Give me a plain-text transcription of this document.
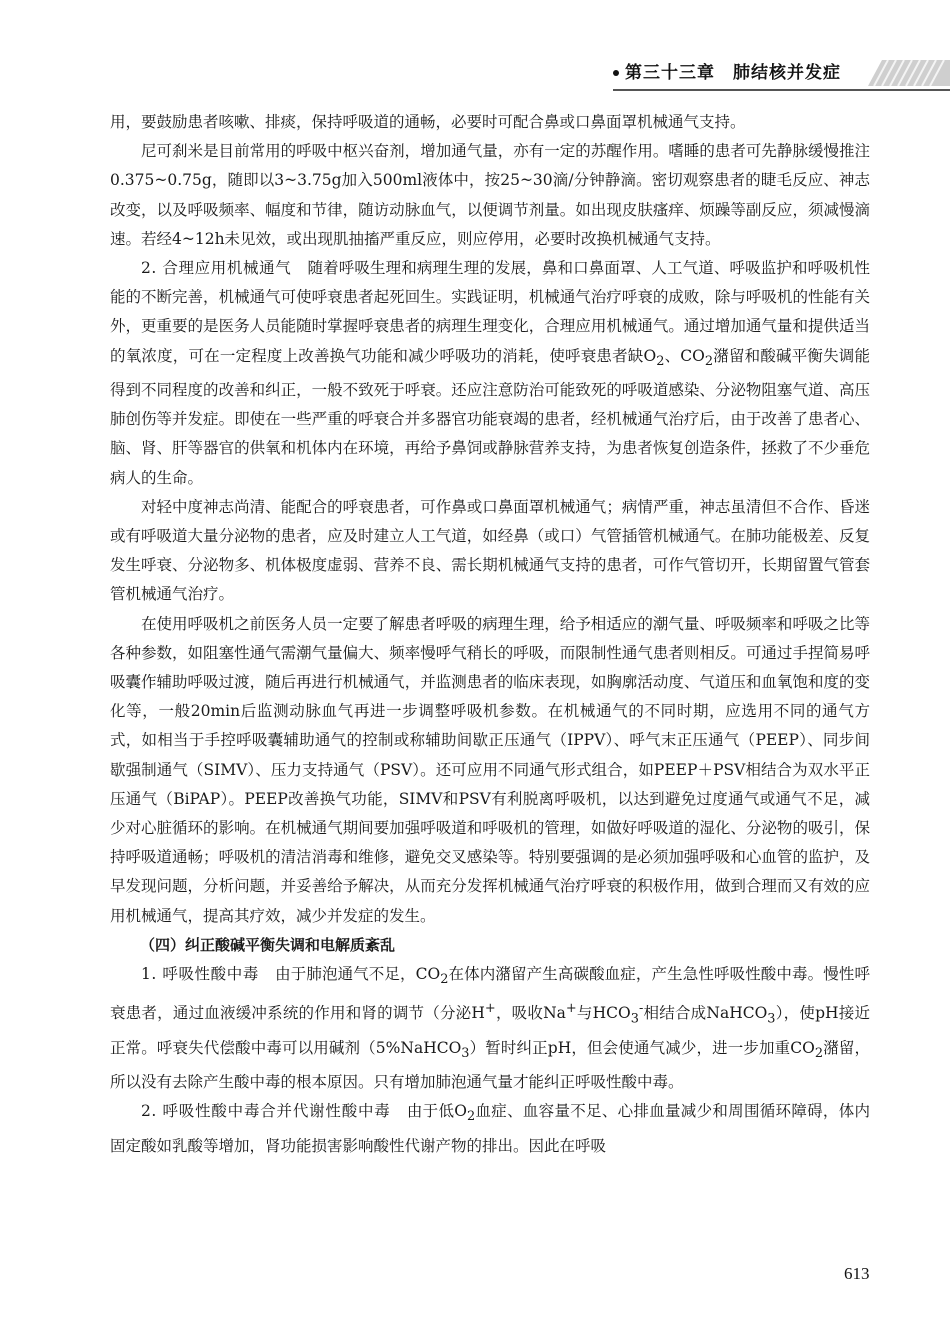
第三十三章　肺结核并发症

用，要鼓励患者咳嗽、排痰，保持呼吸道的通畅，必要时可配合鼻或口鼻面罩机械通气支持。

尼可刹米是目前常用的呼吸中枢兴奋剂，增加通气量，亦有一定的苏醒作用。嗜睡的患者可先静脉缓慢推注0.375~0.75g，随即以3~3.75g加入500ml液体中，按25~30滴/分钟静滴。密切观察患者的睫毛反应、神志改变，以及呼吸频率、幅度和节律，随访动脉血气，以便调节剂量。如出现皮肤瘙痒、烦躁等副反应，须减慢滴速。若经4~12h未见效，或出现肌抽搐严重反应，则应停用，必要时改换机械通气支持。

2. 合理应用机械通气　随着呼吸生理和病理生理的发展，鼻和口鼻面罩、人工气道、呼吸监护和呼吸机性能的不断完善，机械通气可使呼衰患者起死回生。实践证明，机械通气治疗呼衰的成败，除与呼吸机的性能有关外，更重要的是医务人员能随时掌握呼衰患者的病理生理变化，合理应用机械通气。通过增加通气量和提供适当的氧浓度，可在一定程度上改善换气功能和减少呼吸功的消耗，使呼衰患者缺$O_2$、$CO_2$潴留和酸碱平衡失调能得到不同程度的改善和纠正，一般不致死于呼衰。还应注意防治可能致死的呼吸道感染、分泌物阻塞气道、高压肺创伤等并发症。即使在一些严重的呼衰合并多器官功能衰竭的患者，经机械通气治疗后，由于改善了患者心、脑、肾、肝等器官的供氧和机体内在环境，再给予鼻饲或静脉营养支持，为患者恢复创造条件，拯救了不少垂危病人的生命。

对轻中度神志尚清、能配合的呼衰患者，可作鼻或口鼻面罩机械通气；病情严重，神志虽清但不合作、昏迷或有呼吸道大量分泌物的患者，应及时建立人工气道，如经鼻（或口）气管插管机械通气。在肺功能极差、反复发生呼衰、分泌物多、机体极度虚弱、营养不良、需长期机械通气支持的患者，可作气管切开，长期留置气管套管机械通气治疗。

在使用呼吸机之前医务人员一定要了解患者呼吸的病理生理，给予相适应的潮气量、呼吸频率和呼吸之比等各种参数，如阻塞性通气需潮气量偏大、频率慢呼气稍长的呼吸，而限制性通气患者则相反。可通过手捏简易呼吸囊作辅助呼吸过渡，随后再进行机械通气，并监测患者的临床表现，如胸廓活动度、气道压和血氧饱和度的变化等，一般20min后监测动脉血气再进一步调整呼吸机参数。在机械通气的不同时期，应选用不同的通气方式，如相当于手控呼吸囊辅助通气的控制或称辅助间歇正压通气（IPPV）、呼气末正压通气（PEEP）、同步间歇强制通气（SIMV）、压力支持通气（PSV）。还可应用不同通气形式组合，如PEEP＋PSV相结合为双水平正压通气（BiPAP）。PEEP改善换气功能，SIMV和PSV有利脱离呼吸机，以达到避免过度通气或通气不足，减少对心脏循环的影响。在机械通气期间要加强呼吸道和呼吸机的管理，如做好呼吸道的湿化、分泌物的吸引，保持呼吸道通畅；呼吸机的清洁消毒和维修，避免交叉感染等。特别要强调的是必须加强呼吸和心血管的监护，及早发现问题，分析问题，并妥善给予解决，从而充分发挥机械通气治疗呼衰的积极作用，做到合理而又有效的应用机械通气，提高其疗效，减少并发症的发生。

（四）纠正酸碱平衡失调和电解质紊乱

1. 呼吸性酸中毒　由于肺泡通气不足，$CO_2$在体内潴留产生高碳酸血症，产生急性呼吸性酸中毒。慢性呼衰患者，通过血液缓冲系统的作用和肾的调节（分泌H+，吸收Na+与$HCO_3^-$相结合成NaHCO$_3$），使pH接近正常。呼衰失代偿酸中毒可以用碱剂（5%NaHCO$_3$）暂时纠正pH，但会使通气减少，进一步加重$CO_2$潴留，所以没有去除产生酸中毒的根本原因。只有增加肺泡通气量才能纠正呼吸性酸中毒。

2. 呼吸性酸中毒合并代谢性酸中毒　由于低$O_2$血症、血容量不足、心排血量减少和周围循环障碍，体内固定酸如乳酸等增加，肾功能损害影响酸性代谢产物的排出。因此在呼吸

613
